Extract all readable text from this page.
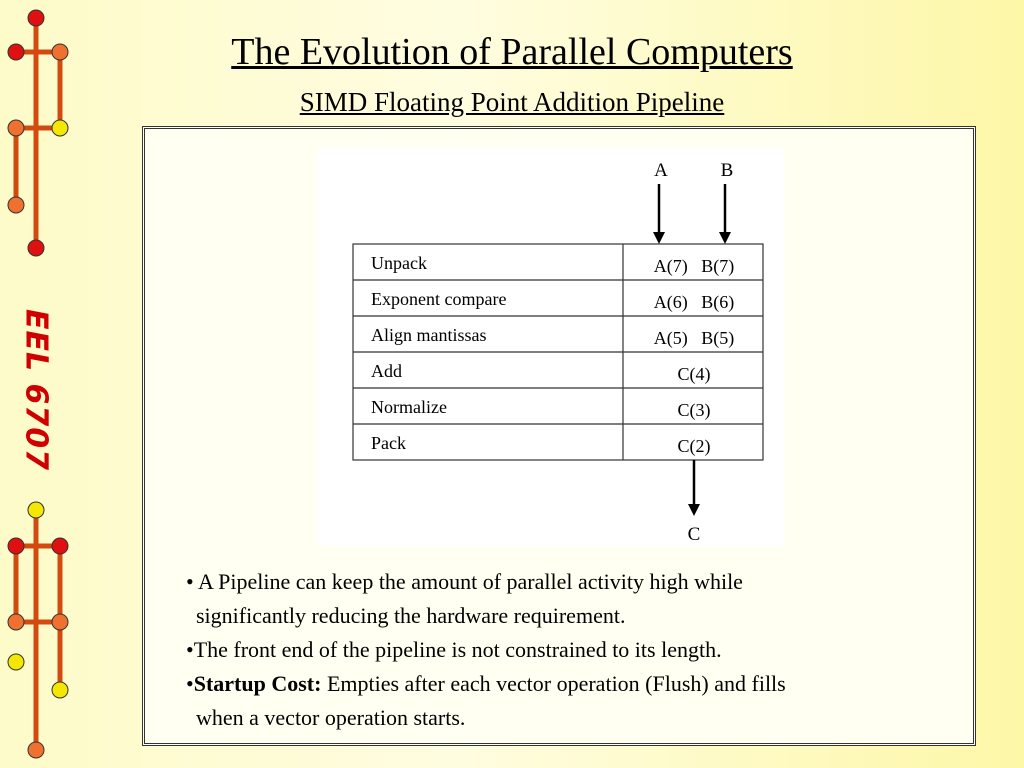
EEL 6707
The Evolution of Parallel Computers
SIMD Floating Point Addition Pipeline
A	B
Unpack	A(7)   B(7)
Exponent compare	A(6)   B(6)
Align mantissas	A(5)   B(5)
Add	C(4)
Normalize	C(3)
Pack	C(2)
C

• A Pipeline can keep the amount of parallel activity high while

significantly reducing the hardware requirement.

•The front end of the pipeline is not constrained to its length.

•Startup Cost: Empties after each vector operation (Flush) and fills

when a vector operation starts.
